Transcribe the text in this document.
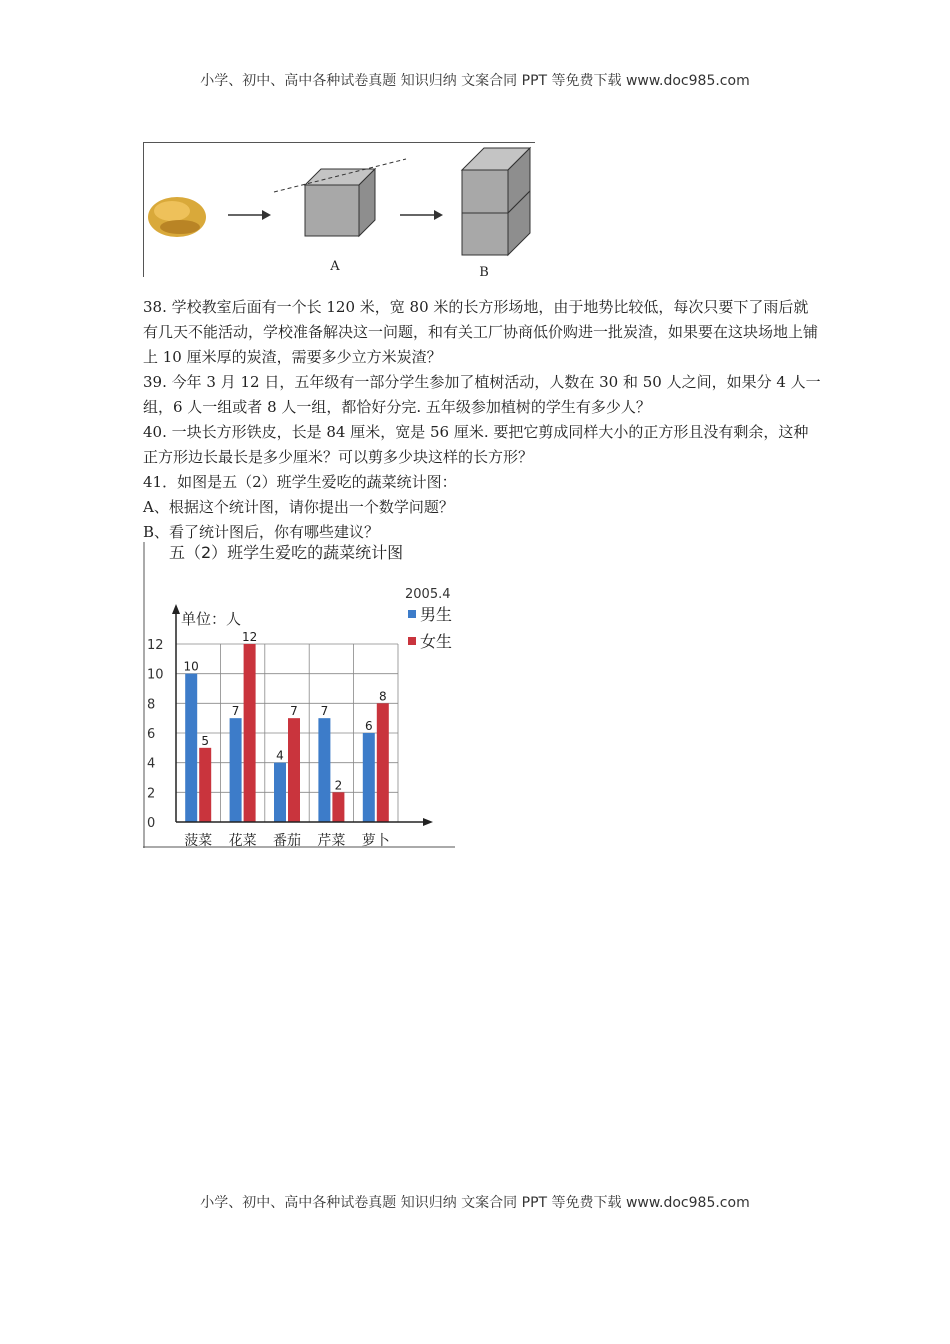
小学、初中、高中各种试卷真题 知识归纳 文案合同 PPT 等免费下载 www.doc985.com
A	B
38. 学校教室后面有一个长 120 米，宽 80 米的长方形场地，由于地势比较低，每次只要下了雨后就有几天不能活动，学校准备解决这一问题，和有关工厂协商低价购进一批炭渣，如果要在这块场地上铺上 10 厘米厚的炭渣，需要多少立方米炭渣？
39. 今年 3 月 12 日，五年级有一部分学生参加了植树活动，人数在 30 和 50 人之间，如果分 4 人一组，6 人一组或者 8 人一组，都恰好分完. 五年级参加植树的学生有多少人？
40. 一块长方形铁皮，长是 84 厘米，宽是 56 厘米. 要把它剪成同样大小的正方形且没有剩余，这种正方形边长最长是多少厘米？可以剪多少块这样的长方形？
41．如图是五（2）班学生爱吃的蔬菜统计图：
A、根据这个统计图，请你提出一个数学问题？
B、看了统计图后，你有哪些建议？
五（2）班学生爱吃的蔬菜统计图
2005.4
单位：人	男生
女生
10
5
7
12
4
7 7
2
6
8
0
2
4
6
8
10
12
菠菜 花菜 番茄 芹菜 萝卜
小学、初中、高中各种试卷真题 知识归纳 文案合同 PPT 等免费下载 www.doc985.com
